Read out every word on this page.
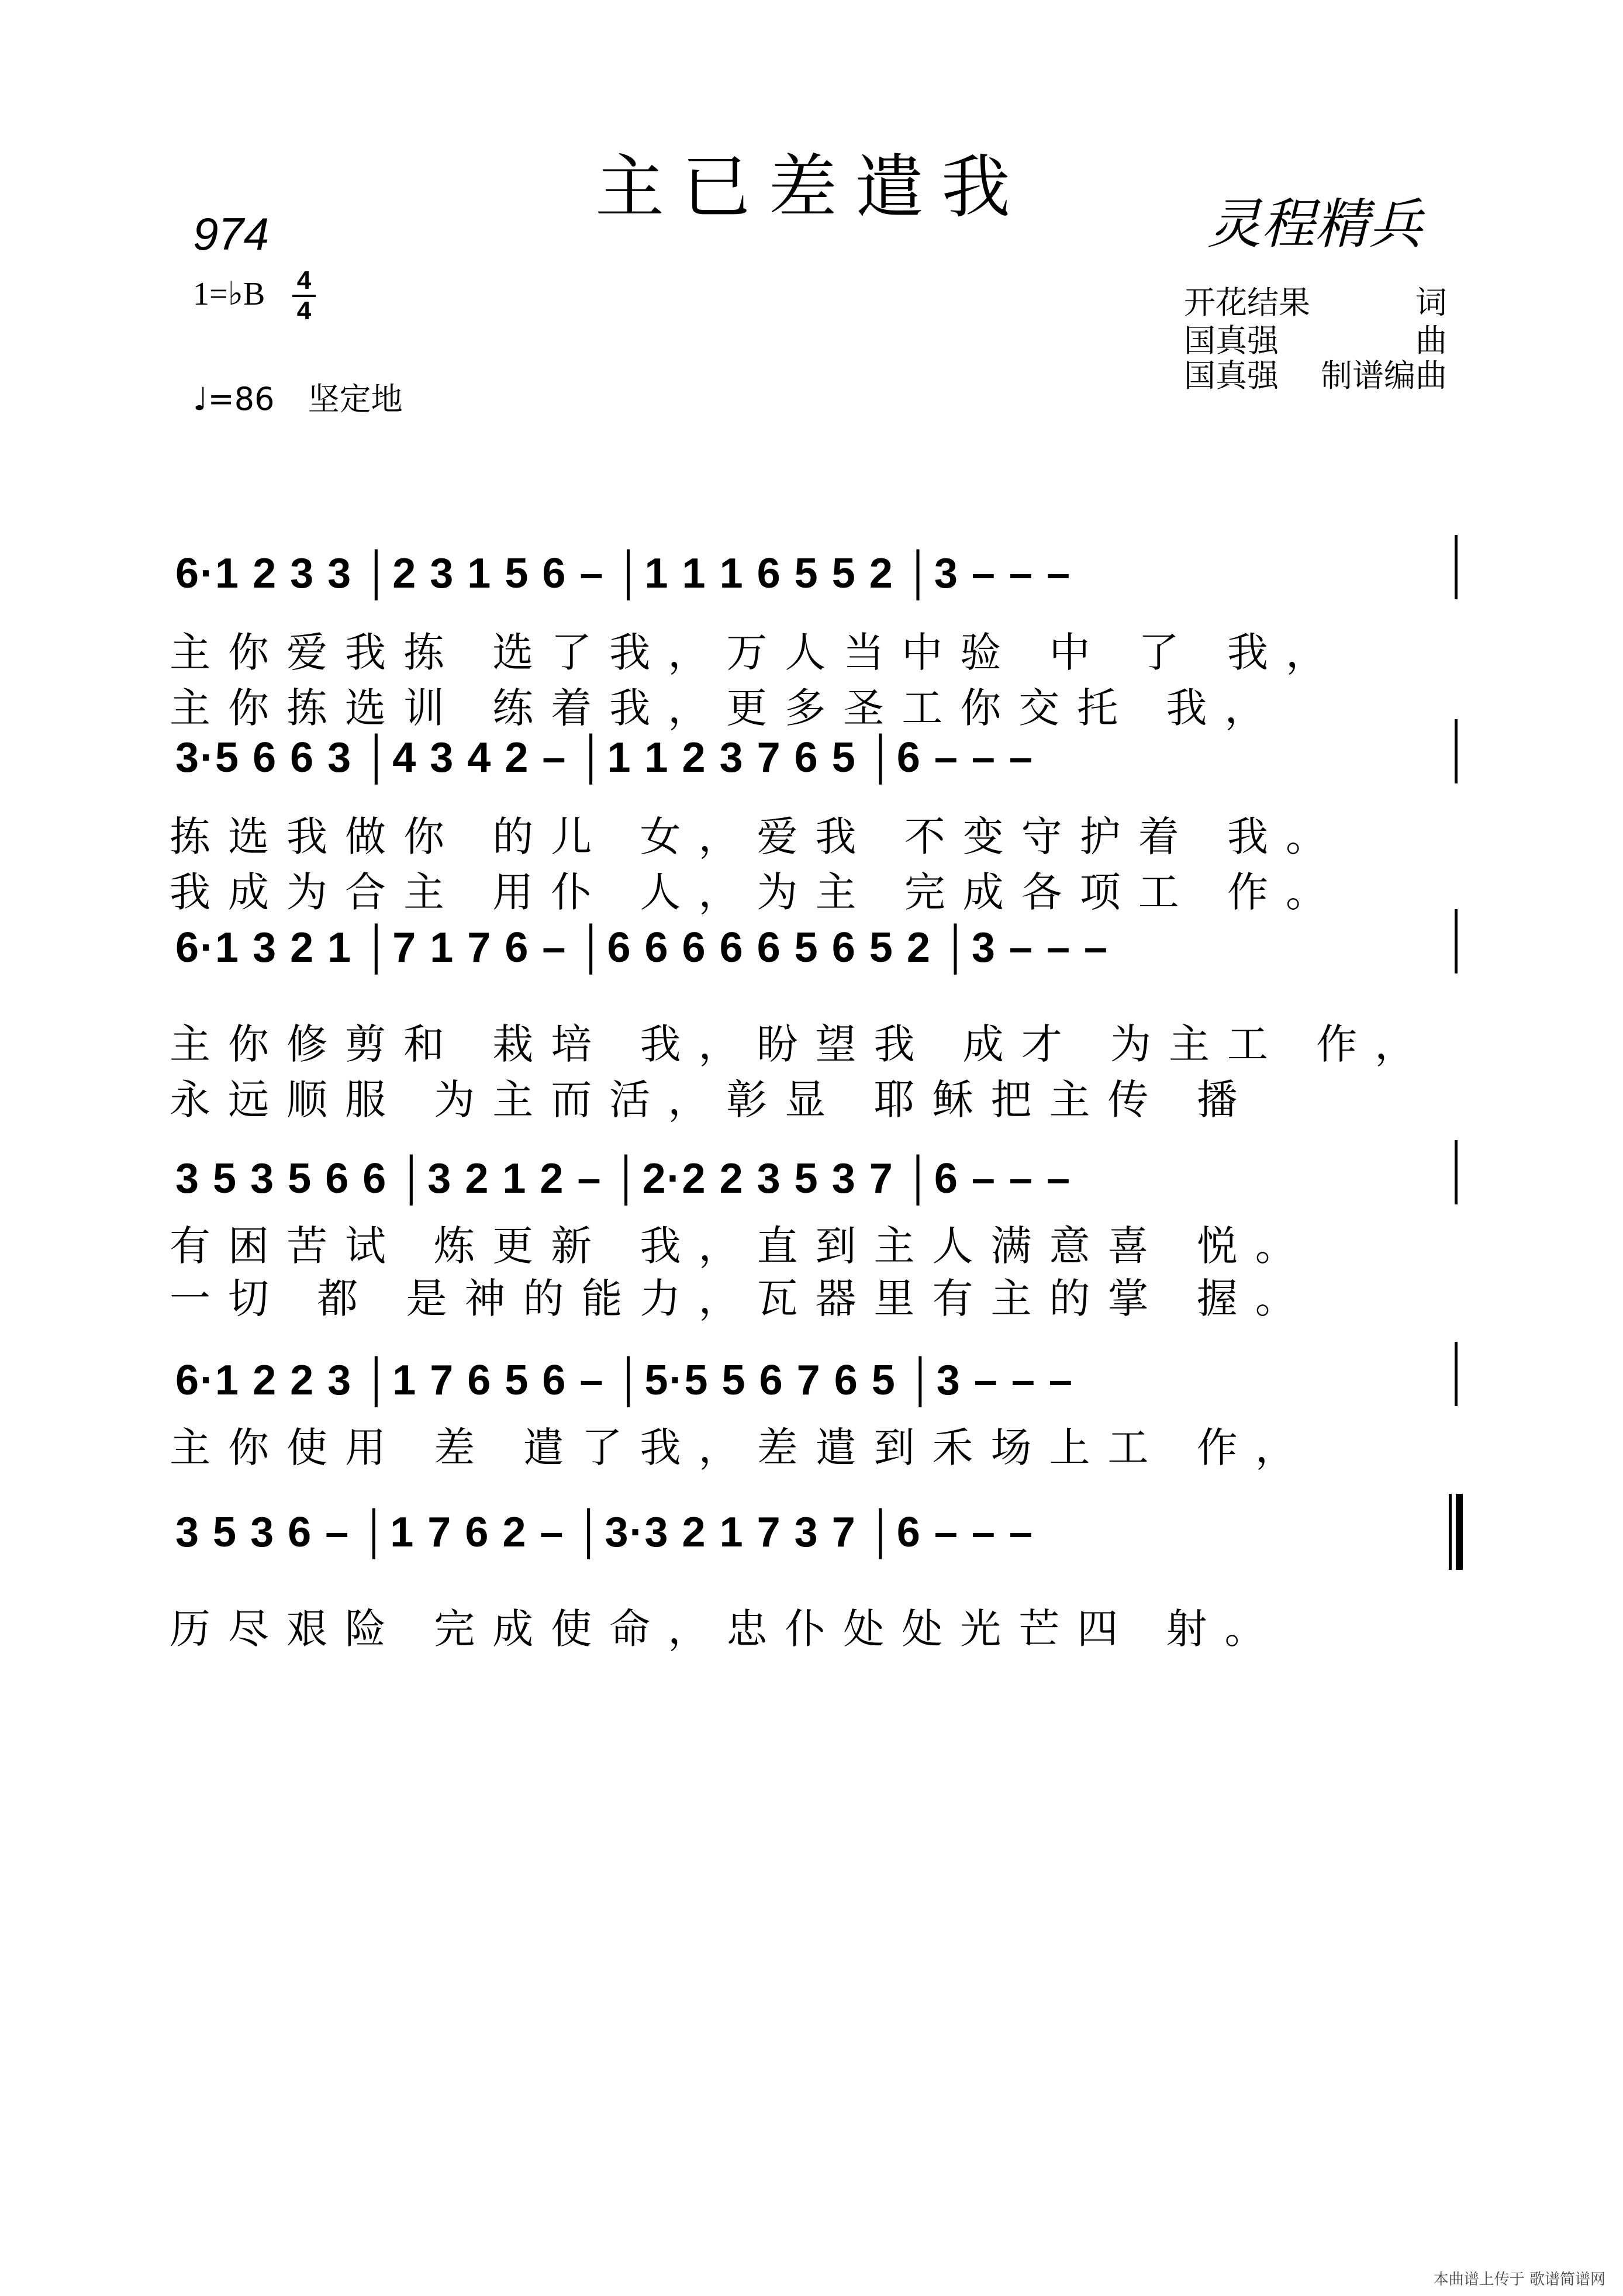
主已差遣我	灵程精兵
974
1=♭B 4
4
♩=86 坚定地
开花结果	词
国真强	曲
国真强 制谱编曲
6·1 2 3 3 │2 3 1 5 6 – │1 1 1 6 5 5 2 │3 – – –
主你爱我拣 选了我，万人当中验 中 了 我，
主你拣选训 练着我，更多圣工你交托 我，
3·5 6 6 3 │4 3 4 2 – │1 1 2 3 7 6 5 │6 – – –
拣选我做你 的儿 女，爱我 不变守护着 我。
我成为合主 用仆 人，为主 完成各项工 作。
6·1 3 2 1 │7 1 7 6 – │6 6 6 6 6 5 6 5 2 │3 – – –
主你修剪和 栽培 我，盼望我 成才 为主工 作，
永远顺服 为主而活，彰显 耶稣把主传 播
3 5 3 5 6 6 │3 2 1 2 – │2·2 2 3 5 3 7 │6 – – –
有困苦试 炼更新 我，直到主人满意喜 悦。
一切 都 是神的能力，瓦器里有主的掌 握。
6·1 2 2 3 │1 7 6 5 6 – │5·5 5 6 7 6 5 │3 – – –
主你使用 差 遣了我，差遣到禾场上工 作，
3 5 3 6 – │1 7 6 2 – │3·3 2 1 7 3 7 │6 – – –
历尽艰险 完成使命，忠仆处处光芒四 射。
本曲谱上传于 歌谱简谱网
